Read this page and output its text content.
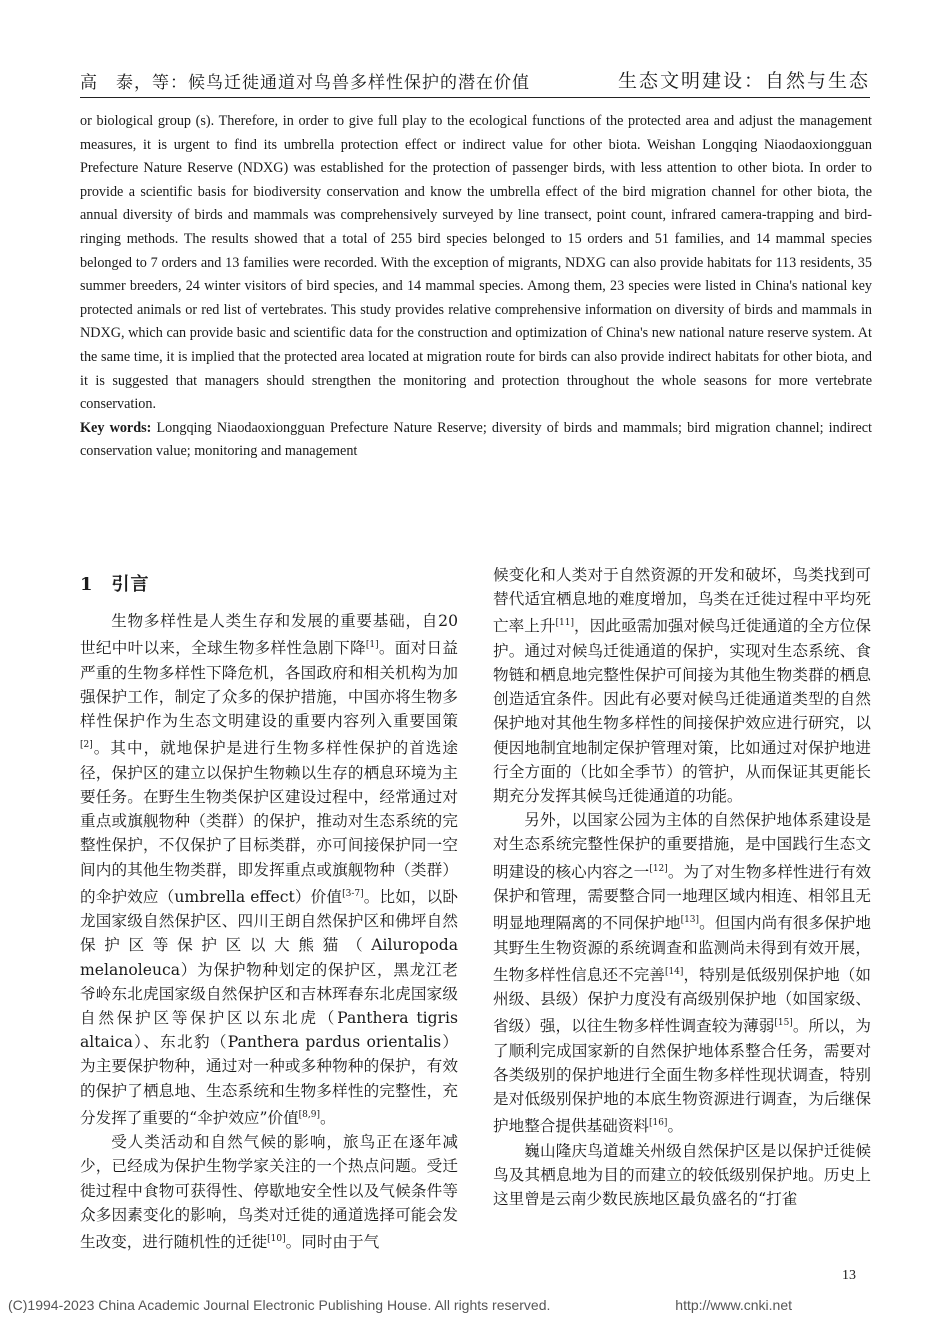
高　泰，等：候鸟迁徙通道对鸟兽多样性保护的潜在价值	生态文明建设：自然与生态

or biological group (s). Therefore, in order to give full play to the ecological functions of the protected area and adjust the management measures, it is urgent to find its umbrella protection effect or indirect value for other biota. Weishan Longqing Niaodaoxiongguan Prefecture Nature Reserve (NDXG) was established for the protection of passenger birds, with less attention to other biota. In order to provide a scientific basis for biodiversity conservation and know the umbrella effect of the bird migration channel for other biota, the annual diversity of birds and mammals was comprehensively surveyed by line transect, point count, infrared camera-trapping and bird-ringing methods. The results showed that a total of 255 bird species belonged to 15 orders and 51 families, and 14 mammal species belonged to 7 orders and 13 families were recorded. With the exception of migrants, NDXG can also provide habitats for 113 residents, 35 summer breeders, 24 winter visitors of bird species, and 14 mammal species. Among them, 23 species were listed in China's national key protected animals or red list of vertebrates. This study provides relative comprehensive information on diversity of birds and mammals in NDXG, which can provide basic and scientific data for the construction and optimization of China's new national nature reserve system. At the same time, it is implied that the protected area located at migration route for birds can also provide indirect habitats for other biota, and it is suggested that managers should strengthen the monitoring and protection throughout the whole seasons for more vertebrate conservation.

Key words: Longqing Niaodaoxiongguan Prefecture Nature Reserve; diversity of birds and mammals; bird migration channel; indirect conservation value; monitoring and management

1 引言

生物多样性是人类生存和发展的重要基础，自20世纪中叶以来，全球生物多样性急剧下降[1]。面对日益严重的生物多样性下降危机，各国政府和相关机构为加强保护工作，制定了众多的保护措施，中国亦将生物多样性保护作为生态文明建设的重要内容列入重要国策[2]。其中，就地保护是进行生物多样性保护的首选途径，保护区的建立以保护生物赖以生存的栖息环境为主要任务。在野生生物类保护区建设过程中，经常通过对重点或旗舰物种（类群）的保护，推动对生态系统的完整性保护，不仅保护了目标类群，亦可间接保护同一空间内的其他生物类群，即发挥重点或旗舰物种（类群）的伞护效应（umbrella effect）价值[3-7]。比如，以卧龙国家级自然保护区、四川王朗自然保护区和佛坪自然保护区等保护区以大熊猫（Ailuropoda melanoleuca）为保护物种划定的保护区，黑龙江老爷岭东北虎国家级自然保护区和吉林珲春东北虎国家级自然保护区等保护区以东北虎（Panthera tigris altaica）、东北豹（Panthera pardus orientalis）为主要保护物种，通过对一种或多种物种的保护，有效的保护了栖息地、生态系统和生物多样性的完整性，充分发挥了重要的“伞护效应”价值[8,9]。

受人类活动和自然气候的影响，旅鸟正在逐年减少，已经成为保护生物学家关注的一个热点问题。受迁徙过程中食物可获得性、停歇地安全性以及气候条件等众多因素变化的影响，鸟类对迁徙的通道选择可能会发生改变，进行随机性的迁徙[10]。同时由于气

候变化和人类对于自然资源的开发和破坏，鸟类找到可替代适宜栖息地的难度增加，鸟类在迁徙过程中平均死亡率上升[11]，因此亟需加强对候鸟迁徙通道的全方位保护。通过对候鸟迁徙通道的保护，实现对生态系统、食物链和栖息地完整性保护可间接为其他生物类群的栖息创造适宜条件。因此有必要对候鸟迁徙通道类型的自然保护地对其他生物多样性的间接保护效应进行研究，以便因地制宜地制定保护管理对策，比如通过对保护地进行全方面的（比如全季节）的管护，从而保证其更能长期充分发挥其候鸟迁徙通道的功能。

另外，以国家公园为主体的自然保护地体系建设是对生态系统完整性保护的重要措施，是中国践行生态文明建设的核心内容之一[12]。为了对生物多样性进行有效保护和管理，需要整合同一地理区域内相连、相邻且无明显地理隔离的不同保护地[13]。但国内尚有很多保护地其野生生物资源的系统调查和监测尚未得到有效开展，生物多样性信息还不完善[14]，特别是低级别保护地（如州级、县级）保护力度没有高级别保护地（如国家级、省级）强，以往生物多样性调查较为薄弱[15]。所以，为了顺利完成国家新的自然保护地体系整合任务，需要对各类级别的保护地进行全面生物多样性现状调查，特别是对低级别保护地的本底生物资源进行调查，为后继保护地整合提供基础资料[16]。

巍山隆庆鸟道雄关州级自然保护区是以保护迁徙候鸟及其栖息地为目的而建立的较低级别保护地。历史上这里曾是云南少数民族地区最负盛名的“打雀

13
(C)1994-2023 China Academic Journal Electronic Publishing House. All rights reserved.	http://www.cnki.net
